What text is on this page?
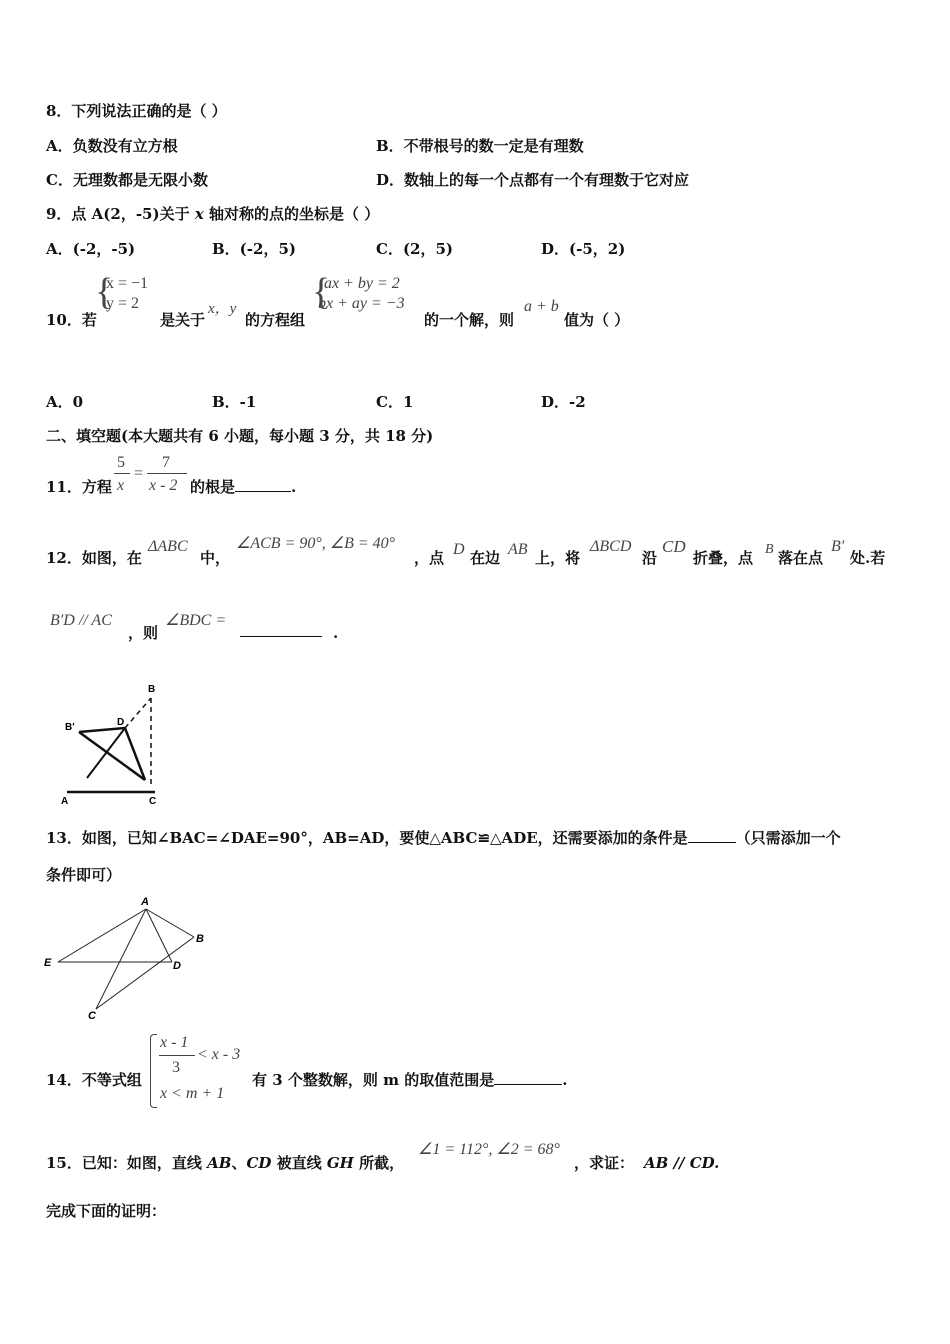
8．下列说法正确的是（ ）
A．负数没有立方根	B．不带根号的数一定是有理数
C．无理数都是无限小数	D．数轴上的每一个点都有一个有理数于它对应
9．点 A(2，-5)关于 x 轴对称的点的坐标是（ ）
A．(-2，-5)	B．(-2，5)	C．(2，5)	D．(-5，2)
10．若
{
x = −1
y = 2
是关于
x，y
的方程组
{
ax + by = 2
bx + ay = −3
的一个解，则
a + b
值为（ ）
A．0	B．-1	C．1	D．-2
二、填空题(本大题共有 6 小题，每小题 3 分，共 18 分)
11．方程
5
x
=
7
x - 2 的根是	.
12．如图，在
ΔABC
中，
∠ACB = 90°, ∠B = 40°
，点 D 在边 AB 上，将
ΔBCD
沿
CD
折叠，点 B 落在点
B′
处.若
B′D // AC
，则
∠BDC =
.
B
B'	D
A	C
13．如图，已知∠BAC=∠DAE=90°，AB=AD，要使△ABC≌△ADE，还需要添加的条件是	（只需添加一个
条件即可）
A
B
E	D
C
14．不等式组
x - 1
3
< x - 3
x < m + 1
有 3 个整数解，则 m 的取值范围是	.
15．已知：如图，直线 AB、CD 被直线 GH 所截，
∠1 = 112°, ∠2 = 68°
，求证： AB // CD.
完成下面的证明：
